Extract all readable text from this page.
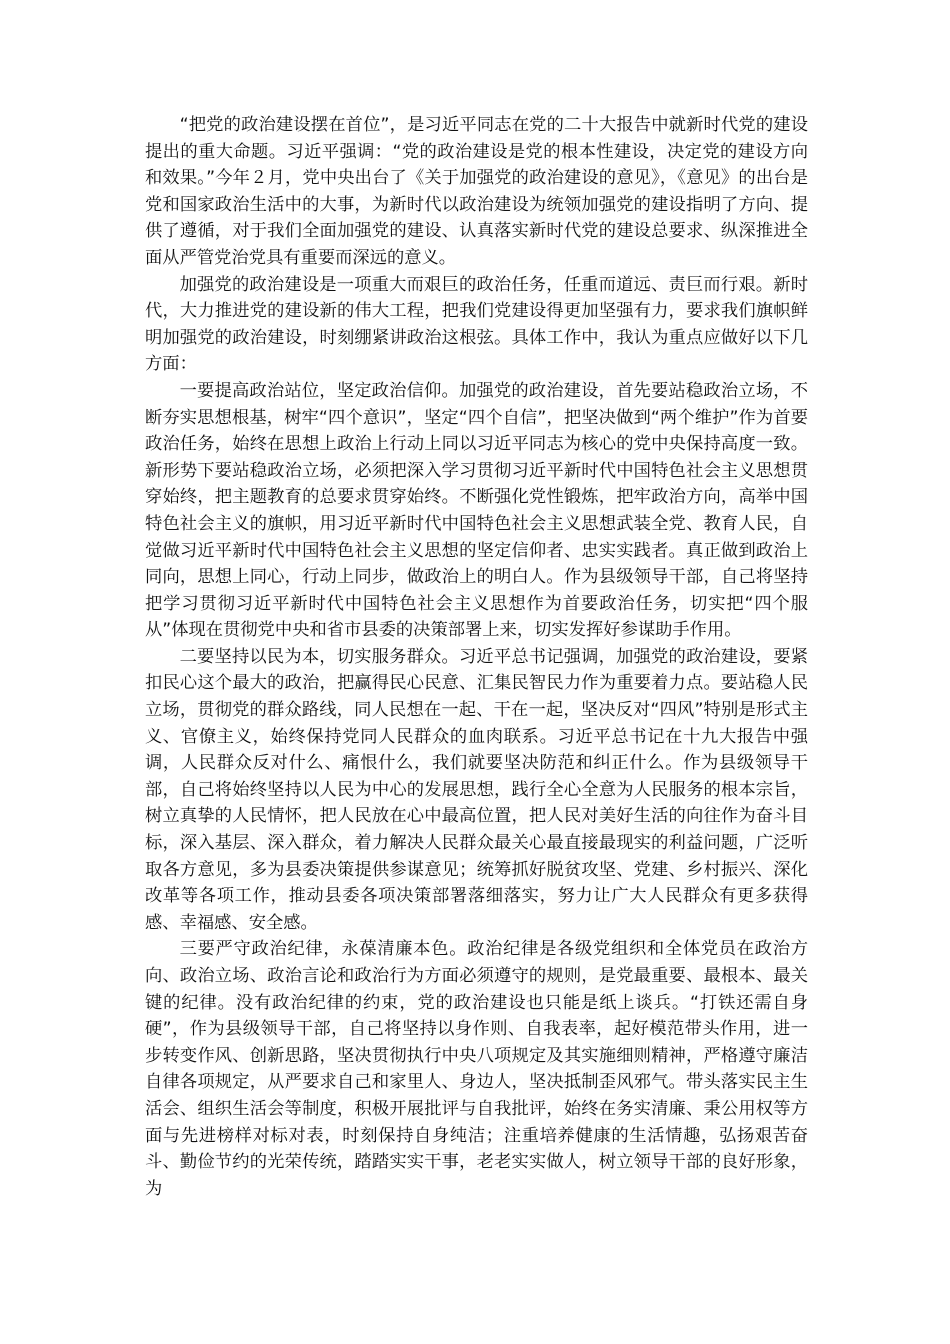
“把党的政治建设摆在首位”，是习近平同志在党的二十大报告中就新时代党的建设提出的重大命题。习近平强调：“党的政治建设是党的根本性建设，决定党的建设方向和效果。”今年２月，党中央出台了《关于加强党的政治建设的意见》，《意见》的出台是党和国家政治生活中的大事，为新时代以政治建设为统领加强党的建设指明了方向、提供了遵循，对于我们全面加强党的建设、认真落实新时代党的建设总要求、纵深推进全面从严管党治党具有重要而深远的意义。

加强党的政治建设是一项重大而艰巨的政治任务，任重而道远、责巨而行艰。新时代，大力推进党的建设新的伟大工程，把我们党建设得更加坚强有力，要求我们旗帜鲜明加强党的政治建设，时刻绷紧讲政治这根弦。具体工作中，我认为重点应做好以下几方面：

一要提高政治站位，坚定政治信仰。加强党的政治建设，首先要站稳政治立场，不断夯实思想根基，树牢“四个意识”，坚定“四个自信”，把坚决做到“两个维护”作为首要政治任务，始终在思想上政治上行动上同以习近平同志为核心的党中央保持高度一致。新形势下要站稳政治立场，必须把深入学习贯彻习近平新时代中国特色社会主义思想贯穿始终，把主题教育的总要求贯穿始终。不断强化党性锻炼，把牢政治方向，高举中国特色社会主义的旗帜，用习近平新时代中国特色社会主义思想武装全党、教育人民，自觉做习近平新时代中国特色社会主义思想的坚定信仰者、忠实实践者。真正做到政治上同向，思想上同心，行动上同步，做政治上的明白人。作为县级领导干部，自己将坚持把学习贯彻习近平新时代中国特色社会主义思想作为首要政治任务，切实把“四个服从”体现在贯彻党中央和省市县委的决策部署上来，切实发挥好参谋助手作用。

二要坚持以民为本，切实服务群众。习近平总书记强调，加强党的政治建设，要紧扣民心这个最大的政治，把赢得民心民意、汇集民智民力作为重要着力点。要站稳人民立场，贯彻党的群众路线，同人民想在一起、干在一起，坚决反对“四风”特别是形式主义、官僚主义，始终保持党同人民群众的血肉联系。习近平总书记在十九大报告中强调，人民群众反对什么、痛恨什么，我们就要坚决防范和纠正什么。作为县级领导干部，自己将始终坚持以人民为中心的发展思想，践行全心全意为人民服务的根本宗旨，树立真挚的人民情怀，把人民放在心中最高位置，把人民对美好生活的向往作为奋斗目标，深入基层、深入群众，着力解决人民群众最关心最直接最现实的利益问题，广泛听取各方意见，多为县委决策提供参谋意见；统筹抓好脱贫攻坚、党建、乡村振兴、深化改革等各项工作，推动县委各项决策部署落细落实，努力让广大人民群众有更多获得感、幸福感、安全感。

三要严守政治纪律，永葆清廉本色。政治纪律是各级党组织和全体党员在政治方向、政治立场、政治言论和政治行为方面必须遵守的规则，是党最重要、最根本、最关键的纪律。没有政治纪律的约束，党的政治建设也只能是纸上谈兵。“打铁还需自身硬”，作为县级领导干部，自己将坚持以身作则、自我表率，起好模范带头作用，进一步转变作风、创新思路，坚决贯彻执行中央八项规定及其实施细则精神，严格遵守廉洁自律各项规定，从严要求自己和家里人、身边人，坚决抵制歪风邪气。带头落实民主生活会、组织生活会等制度，积极开展批评与自我批评，始终在务实清廉、秉公用权等方面与先进榜样对标对表，时刻保持自身纯洁；注重培养健康的生活情趣，弘扬艰苦奋斗、勤俭节约的光荣传统，踏踏实实干事，老老实实做人，树立领导干部的良好形象，为
